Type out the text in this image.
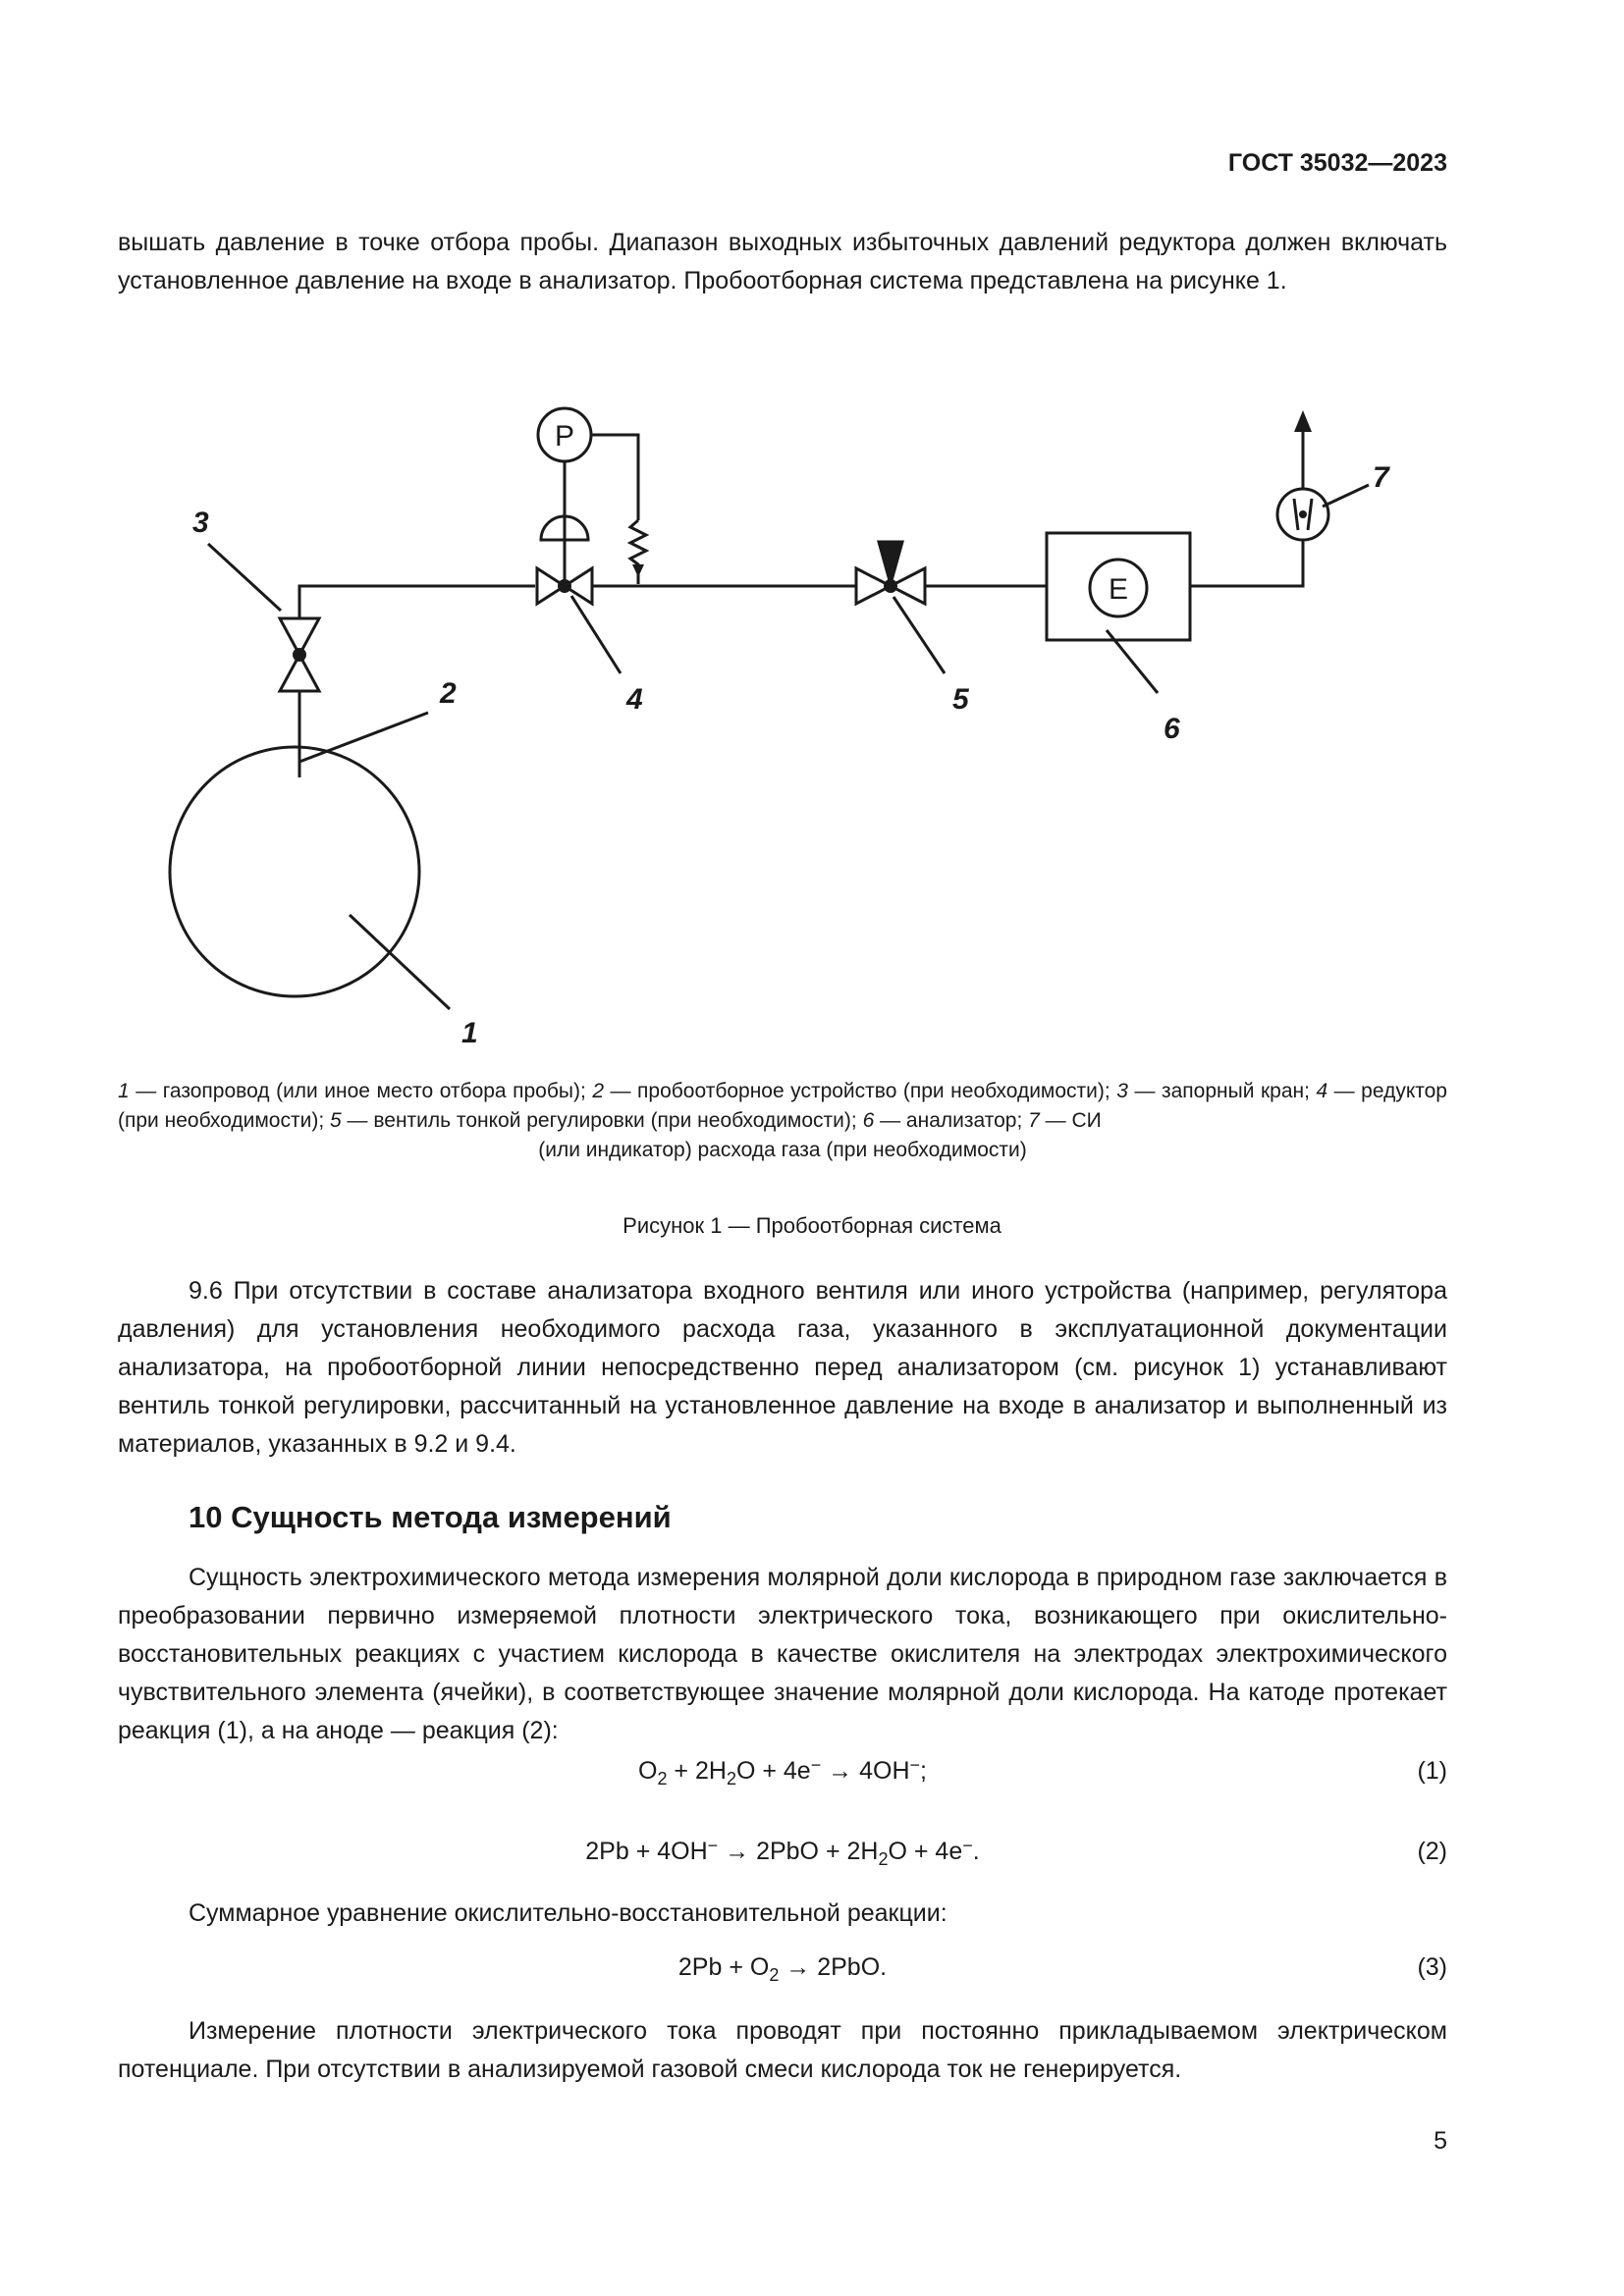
ГОСТ 35032—2023

вышать давление в точке отбора пробы. Диапазон выходных избыточных давлений редуктора должен включать установленное давление на входе в анализатор. Пробоотборная система представлена на рисунке 1.

P
E
3
2
1
4	5
6
7
1 — газопровод (или иное место отбора пробы); 2 — пробоотборное устройство (при необходимости); 3 — запорный кран; 4 — редуктор (при необходимости); 5 — вентиль тонкой регулировки (при необходимости); 6 — анализатор; 7 — СИ
(или индикатор) расхода газа (при необходимости)
Рисунок 1 — Пробоотборная система

9.6 При отсутствии в составе анализатора входного вентиля или иного устройства (например, регулятора давления) для установления необходимого расхода газа, указанного в эксплуатационной документации анализатора, на пробоотборной линии непосредственно перед анализатором (см. рисунок 1) устанавливают вентиль тонкой регулировки, рассчитанный на установленное давление на входе в анализатор и выполненный из материалов, указанных в 9.2 и 9.4.

10 Сущность метода измерений

Сущность электрохимического метода измерения молярной доли кислорода в природном газе заключается в преобразовании первично измеряемой плотности электрического тока, возникающего при окислительно-восстановительных реакциях с участием кислорода в качестве окислителя на электродах электрохимического чувствительного элемента (ячейки), в соответствующее значение молярной доли кислорода. На катоде протекает реакция (1), а на аноде — реакция (2):

$O_2 + 2H_2O + 4e^- \to 4OH^-$;	(1)
$2Pb + 4OH^- \to 2PbO + 2H_2O + 4e^-$.	(2)

Суммарное уравнение окислительно-восстановительной реакции:

$2Pb + O_2 \to 2PbO$.	(3)

Измерение плотности электрического тока проводят при постоянно прикладываемом электрическом потенциале. При отсутствии в анализируемой газовой смеси кислорода ток не генерируется.

5
